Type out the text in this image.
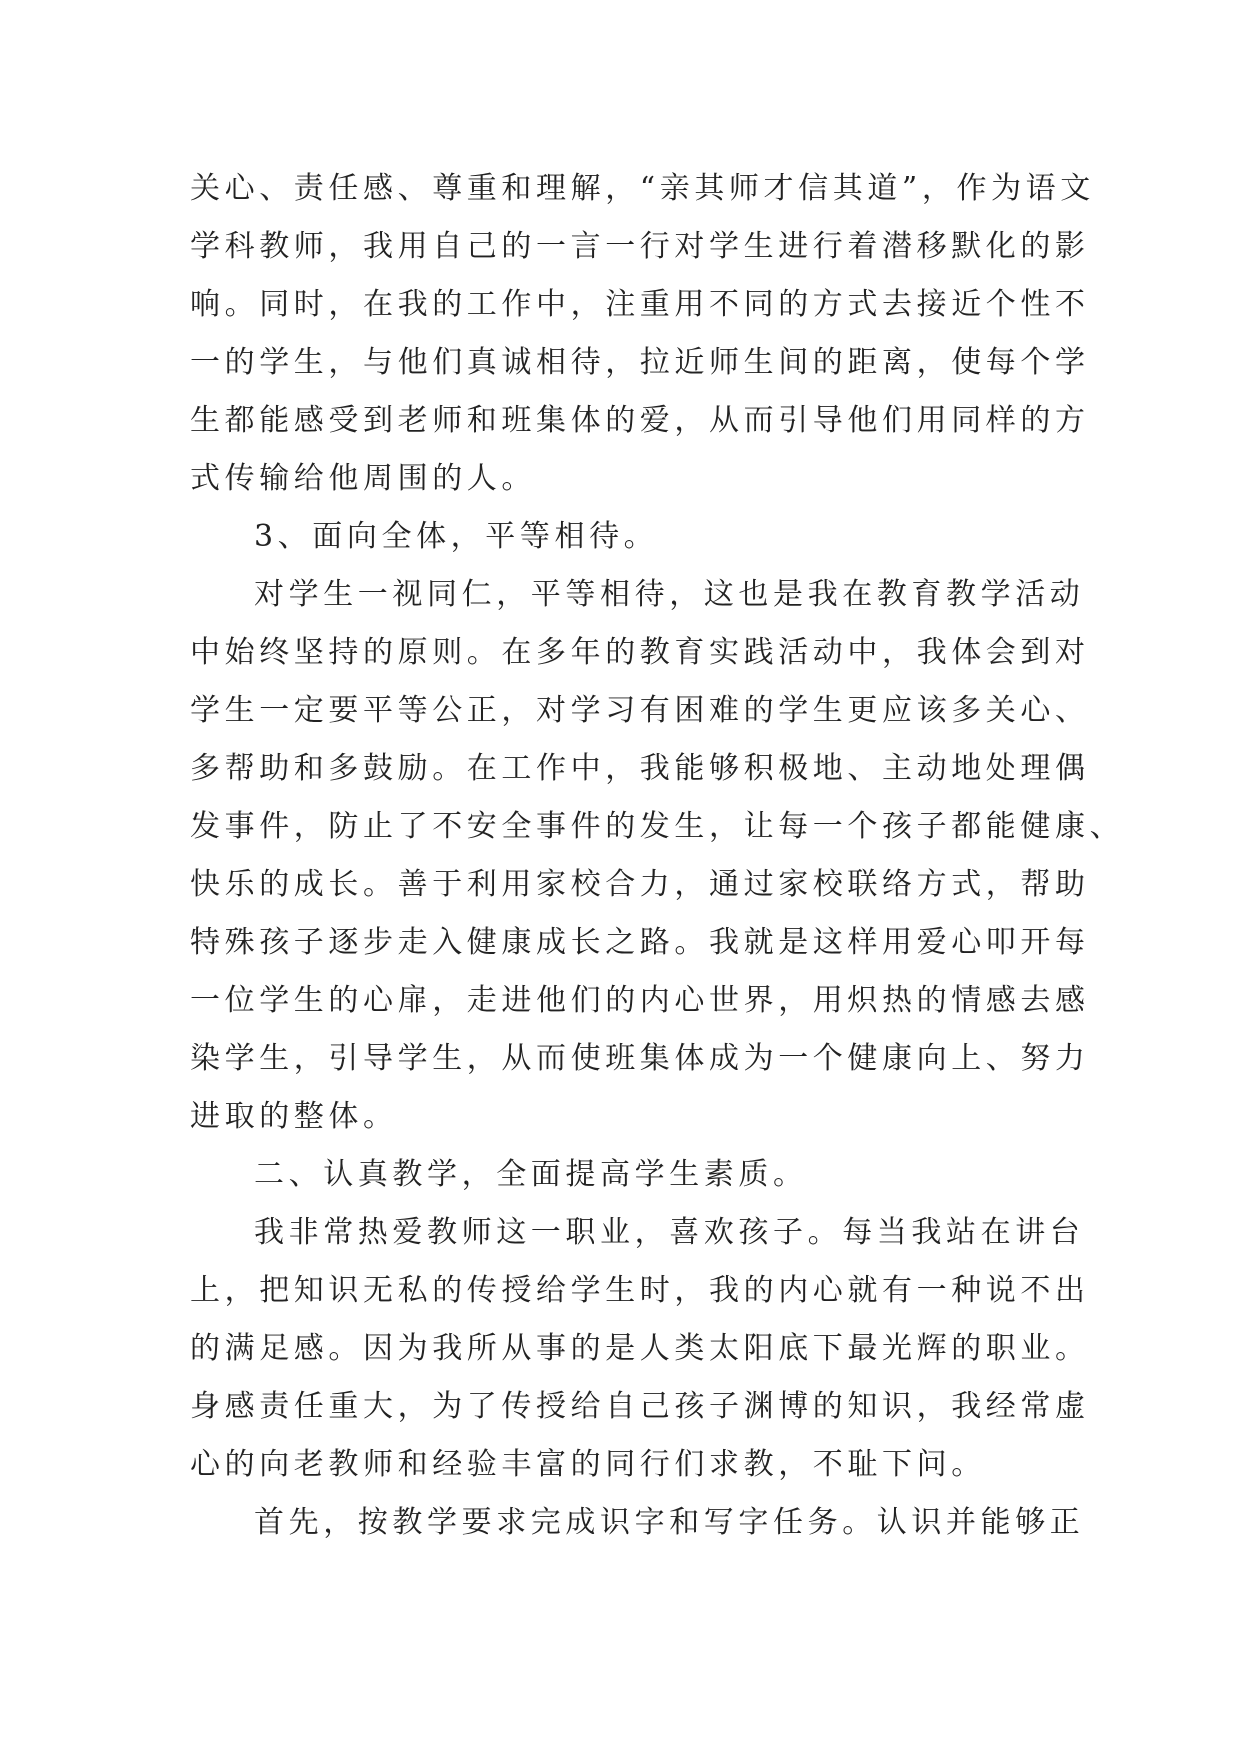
关心、责任感、尊重和理解，“亲其师才信其道”，作为语文
学科教师，我用自己的一言一行对学生进行着潜移默化的影
响。同时，在我的工作中，注重用不同的方式去接近个性不
一的学生，与他们真诚相待，拉近师生间的距离，使每个学
生都能感受到老师和班集体的爱，从而引导他们用同样的方
式传输给他周围的人。
3、面向全体，平等相待。
对学生一视同仁，平等相待，这也是我在教育教学活动
中始终坚持的原则。在多年的教育实践活动中，我体会到对
学生一定要平等公正，对学习有困难的学生更应该多关心、
多帮助和多鼓励。在工作中，我能够积极地、主动地处理偶
发事件，防止了不安全事件的发生，让每一个孩子都能健康、
快乐的成长。善于利用家校合力，通过家校联络方式，帮助
特殊孩子逐步走入健康成长之路。我就是这样用爱心叩开每
一位学生的心扉，走进他们的内心世界，用炽热的情感去感
染学生，引导学生，从而使班集体成为一个健康向上、努力
进取的整体。
二、认真教学，全面提高学生素质。
我非常热爱教师这一职业，喜欢孩子。每当我站在讲台
上，把知识无私的传授给学生时，我的内心就有一种说不出
的满足感。因为我所从事的是人类太阳底下最光辉的职业。
身感责任重大，为了传授给自己孩子渊博的知识，我经常虚
心的向老教师和经验丰富的同行们求教，不耻下问。
首先，按教学要求完成识字和写字任务。认识并能够正
